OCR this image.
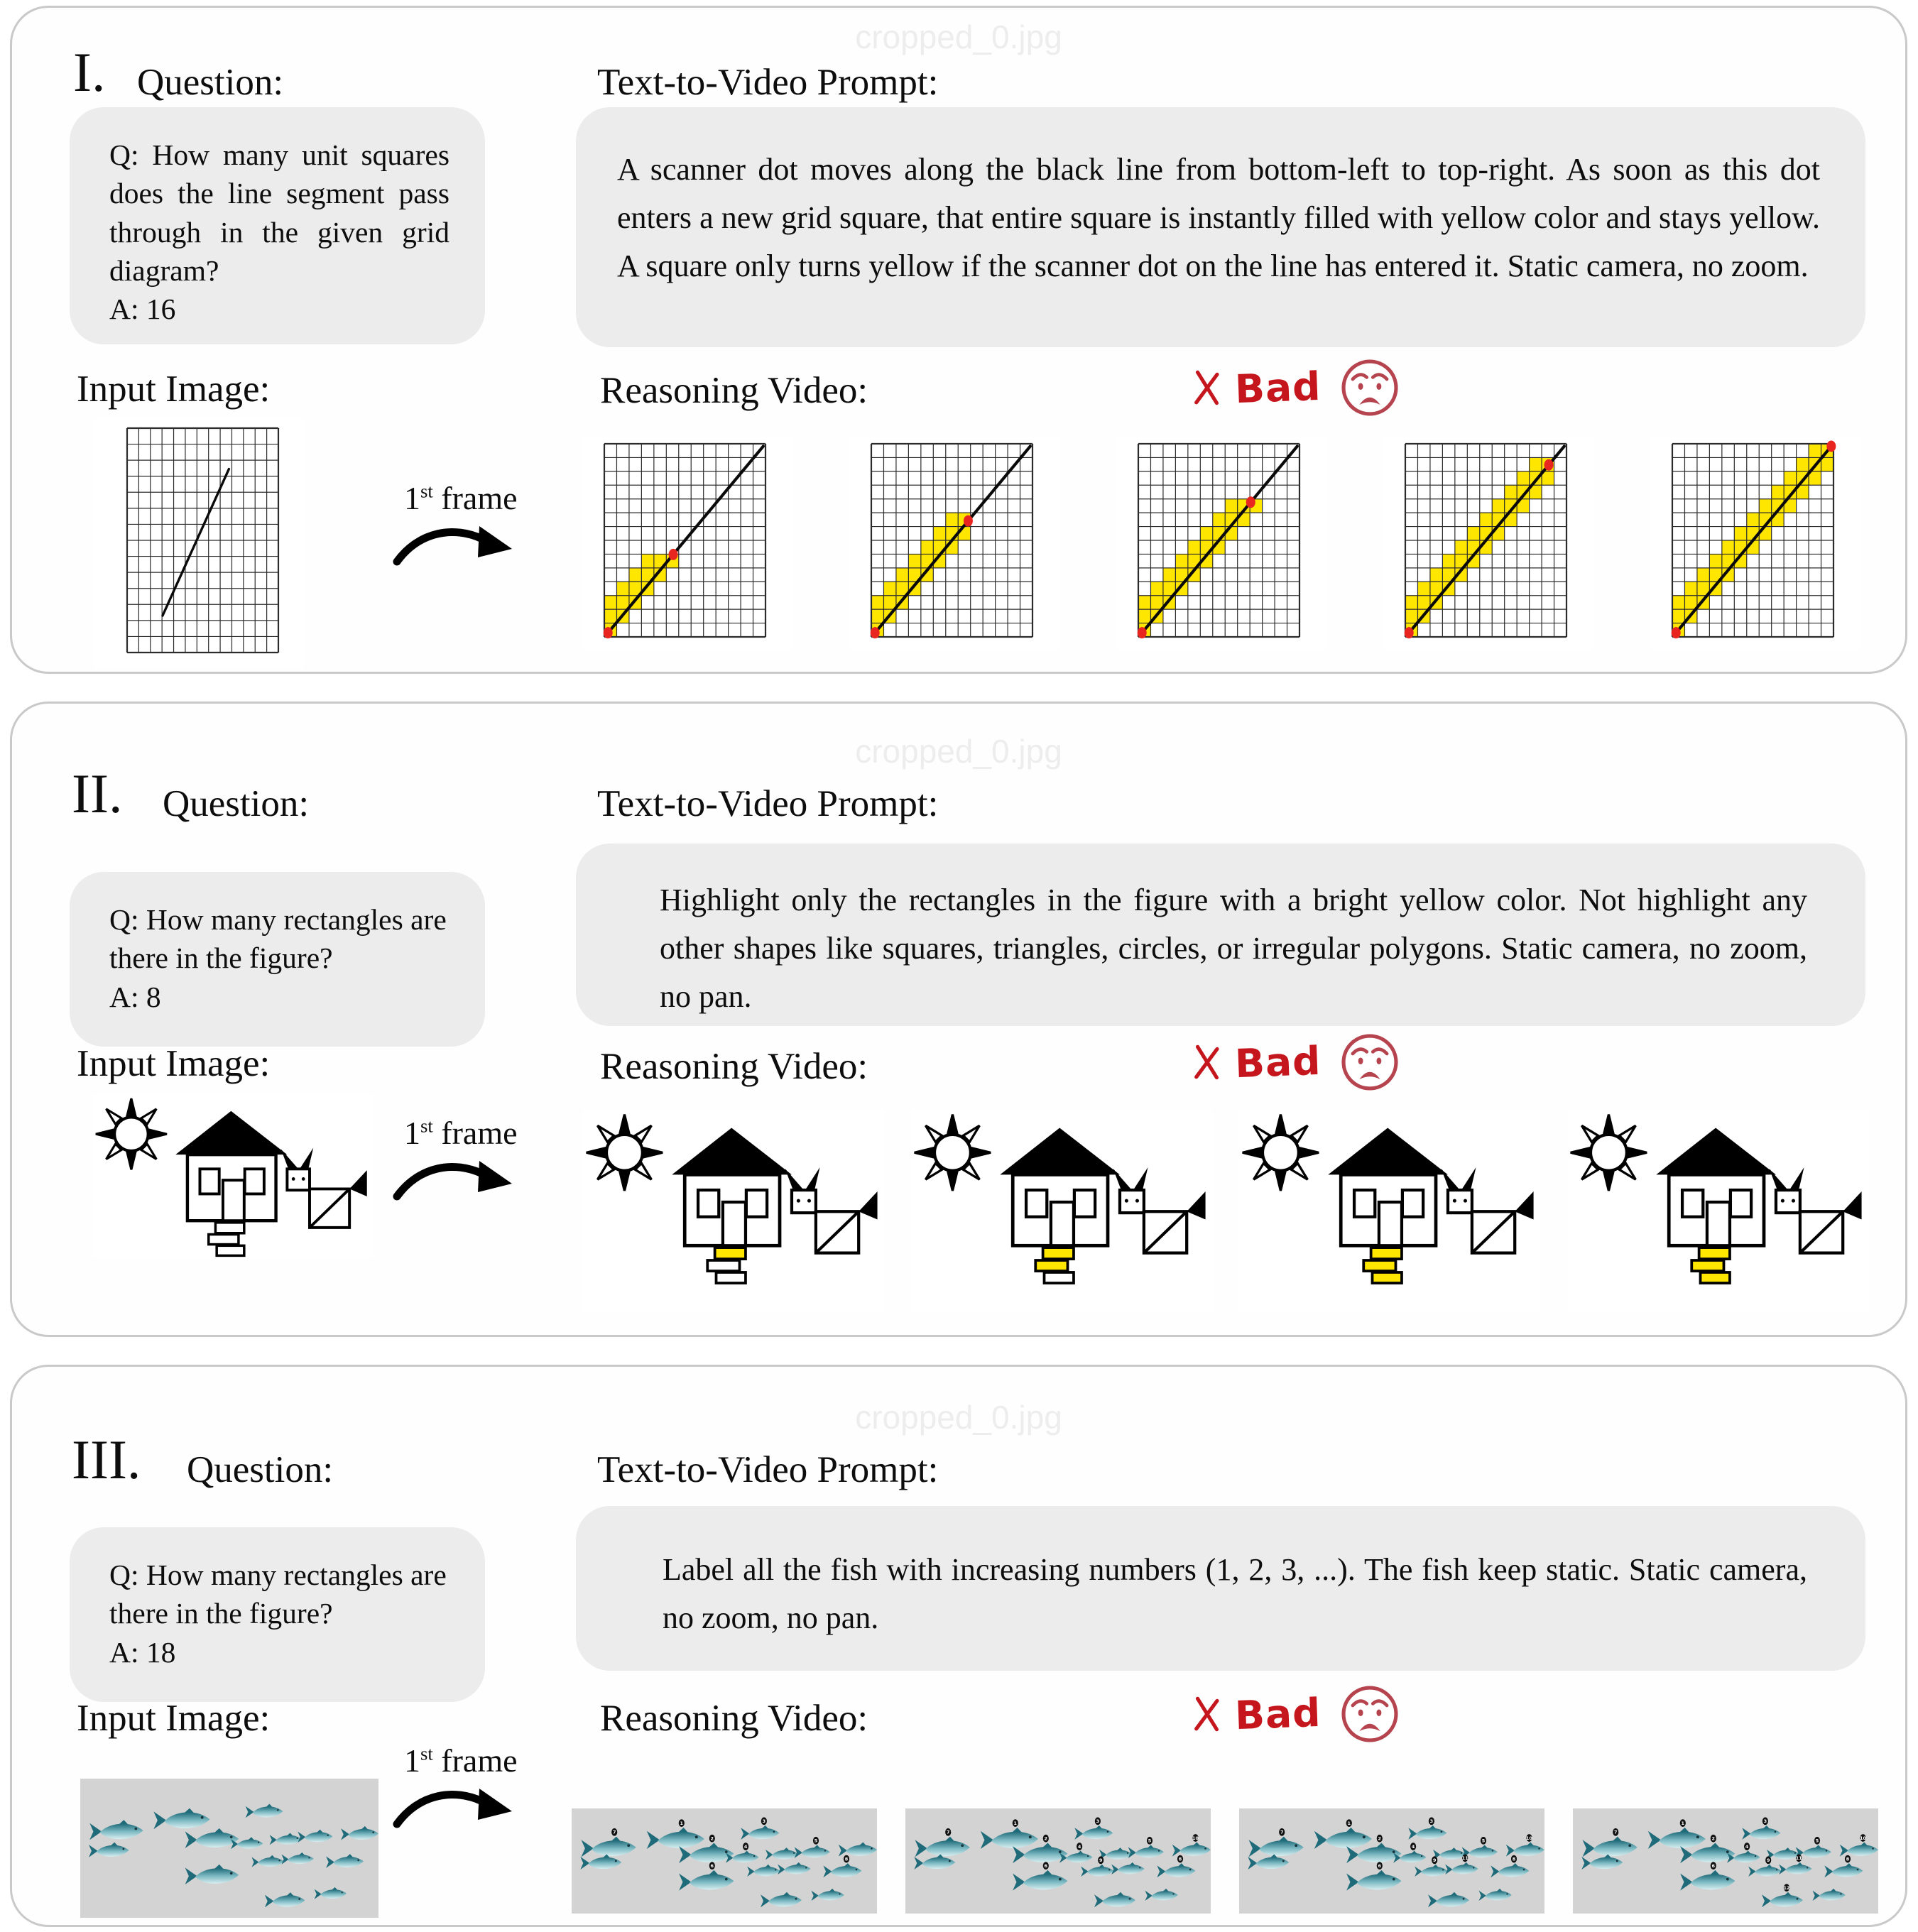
cropped_0.jpg
I. Question:	Text-to-Video Prompt:

Q: How many unit squares does the line segment pass through in the given grid diagram?

A: 16

A scanner dot moves along the black line from bottom-left to top-right. As soon as this dot enters a new grid square, that entire square is instantly filled with yellow color and stays yellow. A square only turns yellow if the scanner dot on the line has entered it. Static camera, no zoom.

Input Image:	Reasoning Video:
1st frame
Bad
cropped_0.jpg
II. Question:	Text-to-Video Prompt:

Q: How many rectangles are there in the figure?

A: 8

Highlight only the rectangles in the figure with a bright yellow color. Not highlight any other shapes like squares, triangles, circles, or irregular polygons. Static camera, no zoom, no pan.

Input Image:	Reasoning Video:
1st frame
Bad
cropped_0.jpg
III. Question:	Text-to-Video Prompt:

Q: How many rectangles are there in the figure?

A: 18

Label all the fish with increasing numbers (1, 2, 3, ...). The fish keep static. Static camera, no zoom, no pan.

Input Image:	Reasoning Video:
1st frame
Bad
1
2
3
4
5
6
7
8
1
2
3
4
5
6
7
8
9
10
1
2
3
4
5
6
7
8
9
10
11
1
2
3
4
5
6
7
8
9
10
11
12
